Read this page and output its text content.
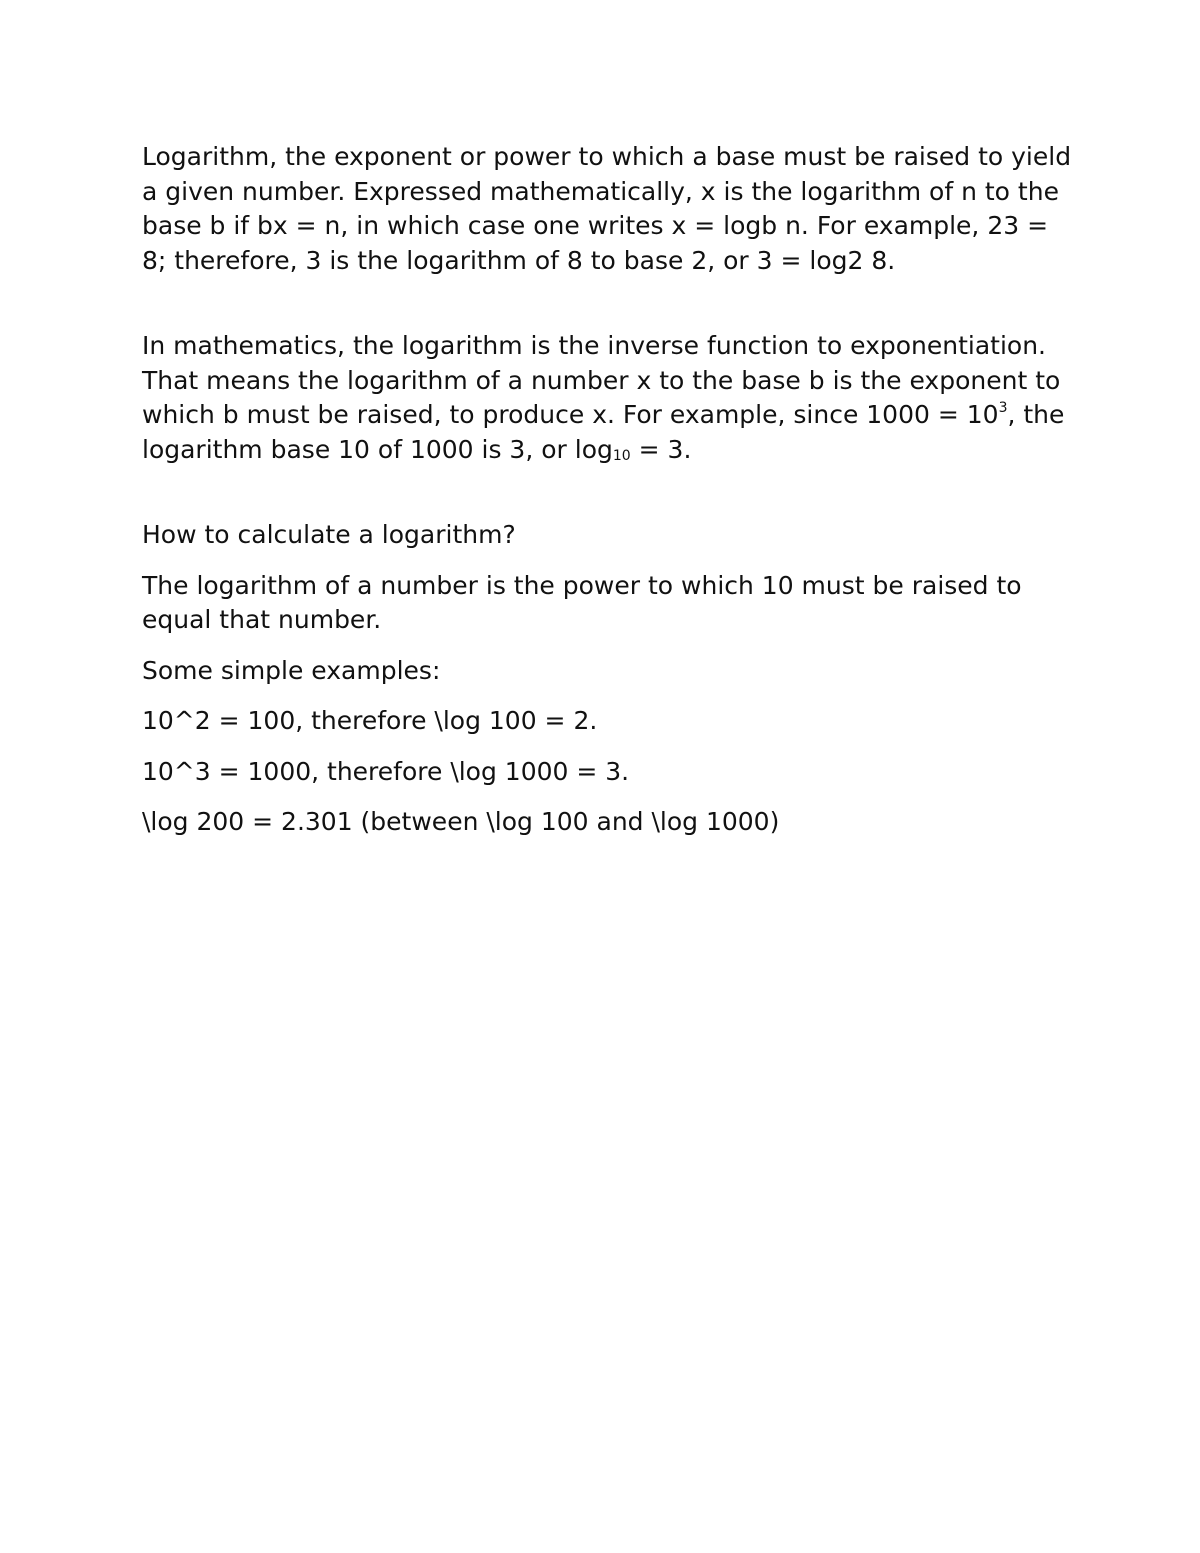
Logarithm, the exponent or power to which a base must be raised to yield a given number. Expressed mathematically, x is the logarithm of n to the base b if bx = n, in which case one writes x = logb n. For example, 23 = 8; therefore, 3 is the logarithm of 8 to base 2, or 3 = log2 8.

In mathematics, the logarithm is the inverse function to exponentiation. That means the logarithm of a number x to the base b is the exponent to which b must be raised, to produce x. For example, since $1000 = 10^3$, the logarithm base 10 of 1000 is 3, or log10 = 3.

How to calculate a logarithm?

The logarithm of a number is the power to which 10 must be raised to equal that number.

Some simple examples:

10^2 = 100, therefore \log 100 = 2.

10^3 = 1000, therefore \log 1000 = 3.

\log 200 = 2.301 (between \log 100 and \log 1000)
